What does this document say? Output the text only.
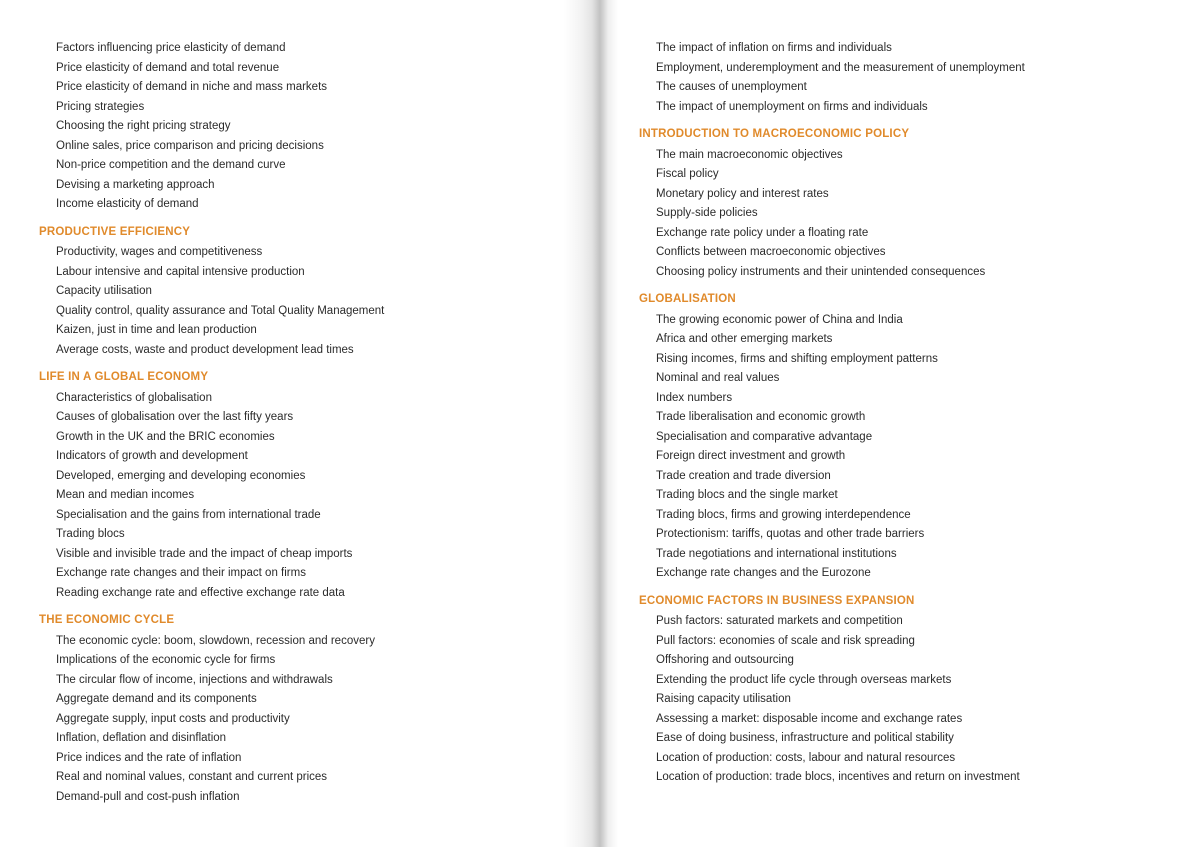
Factors influencing price elasticity of demand
Price elasticity of demand and total revenue
Price elasticity of demand in niche and mass markets
Pricing strategies
Choosing the right pricing strategy
Online sales, price comparison and pricing decisions
Non-price competition and the demand curve
Devising a marketing approach
Income elasticity of demand
PRODUCTIVE EFFICIENCY
Productivity, wages and competitiveness
Labour intensive and capital intensive production
Capacity utilisation
Quality control, quality assurance and Total Quality Management
Kaizen, just in time and lean production
Average costs, waste and product development lead times
LIFE IN A GLOBAL ECONOMY
Characteristics of globalisation
Causes of globalisation over the last fifty years
Growth in the UK and the BRIC economies
Indicators of growth and development
Developed, emerging and developing economies
Mean and median incomes
Specialisation and the gains from international trade
Trading blocs
Visible and invisible trade and the impact of cheap imports
Exchange rate changes and their impact on firms
Reading exchange rate and effective exchange rate data
THE ECONOMIC CYCLE
The economic cycle: boom, slowdown, recession and recovery
Implications of the economic cycle for firms
The circular flow of income, injections and withdrawals
Aggregate demand and its components
Aggregate supply, input costs and productivity
Inflation, deflation and disinflation
Price indices and the rate of inflation
Real and nominal values, constant and current prices
Demand-pull and cost-push inflation
The impact of inflation on firms and individuals
Employment, underemployment and the measurement of unemployment
The causes of unemployment
The impact of unemployment on firms and individuals
INTRODUCTION TO MACROECONOMIC POLICY
The main macroeconomic objectives
Fiscal policy
Monetary policy and interest rates
Supply-side policies
Exchange rate policy under a floating rate
Conflicts between macroeconomic objectives
Choosing policy instruments and their unintended consequences
GLOBALISATION
The growing economic power of China and India
Africa and other emerging markets
Rising incomes, firms and shifting employment patterns
Nominal and real values
Index numbers
Trade liberalisation and economic growth
Specialisation and comparative advantage
Foreign direct investment and growth
Trade creation and trade diversion
Trading blocs and the single market
Trading blocs, firms and growing interdependence
Protectionism: tariffs, quotas and other trade barriers
Trade negotiations and international institutions
Exchange rate changes and the Eurozone
ECONOMIC FACTORS IN BUSINESS EXPANSION
Push factors: saturated markets and competition
Pull factors: economies of scale and risk spreading
Offshoring and outsourcing
Extending the product life cycle through overseas markets
Raising capacity utilisation
Assessing a market: disposable income and exchange rates
Ease of doing business, infrastructure and political stability
Location of production: costs, labour and natural resources
Location of production: trade blocs, incentives and return on investment
